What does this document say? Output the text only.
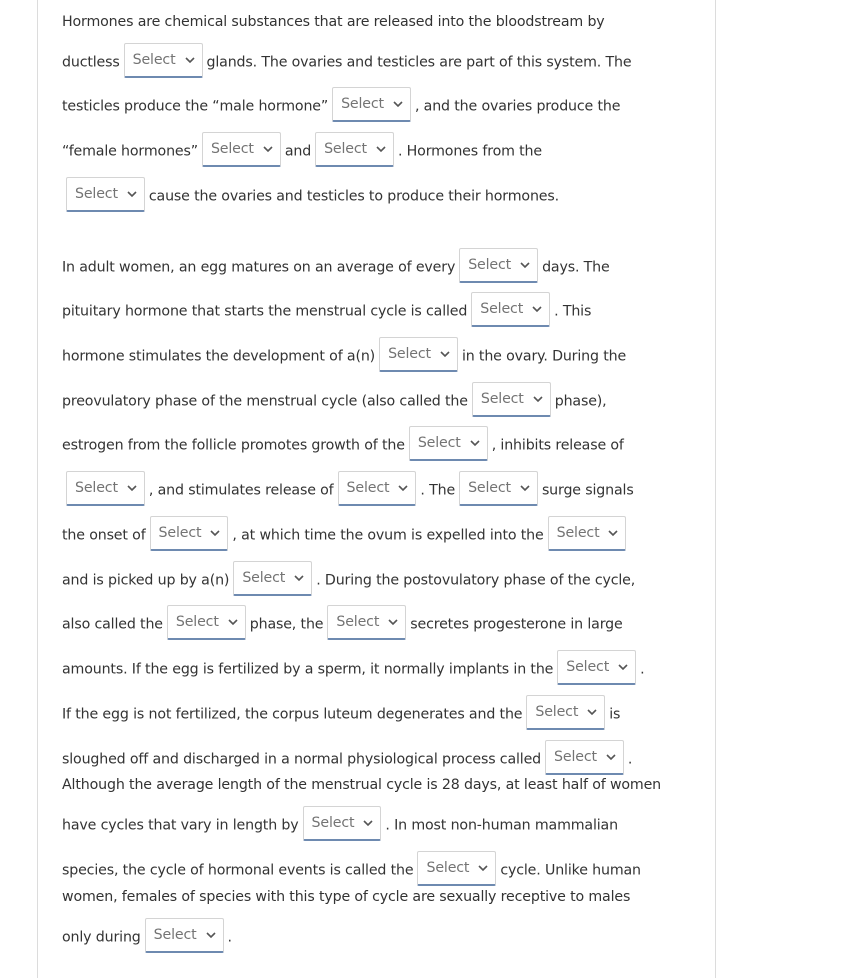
Hormones are chemical substances that are released into the bloodstream by
ductless Select glands. The ovaries and testicles are part of this system. The
testicles produce the “male hormone” Select , and the ovaries produce the
“female hormones” Select and Select . Hormones from the
Select cause the ovaries and testicles to produce their hormones.
In adult women, an egg matures on an average of every Select days. The
pituitary hormone that starts the menstrual cycle is called Select . This
hormone stimulates the development of a(n) Select in the ovary. During the
preovulatory phase of the menstrual cycle (also called the Select phase),
estrogen from the follicle promotes growth of the Select , inhibits release of
Select , and stimulates release of Select . The Select surge signals
the onset of Select , at which time the ovum is expelled into the Select
and is picked up by a(n) Select . During the postovulatory phase of the cycle,
also called the Select phase, the Select secretes progesterone in large
amounts. If the egg is fertilized by a sperm, it normally implants in the Select .
If the egg is not fertilized, the corpus luteum degenerates and the Select is
sloughed off and discharged in a normal physiological process called Select .
Although the average length of the menstrual cycle is 28 days, at least half of women
have cycles that vary in length by Select . In most non-human mammalian
species, the cycle of hormonal events is called the Select cycle. Unlike human
women, females of species with this type of cycle are sexually receptive to males
only during Select .
